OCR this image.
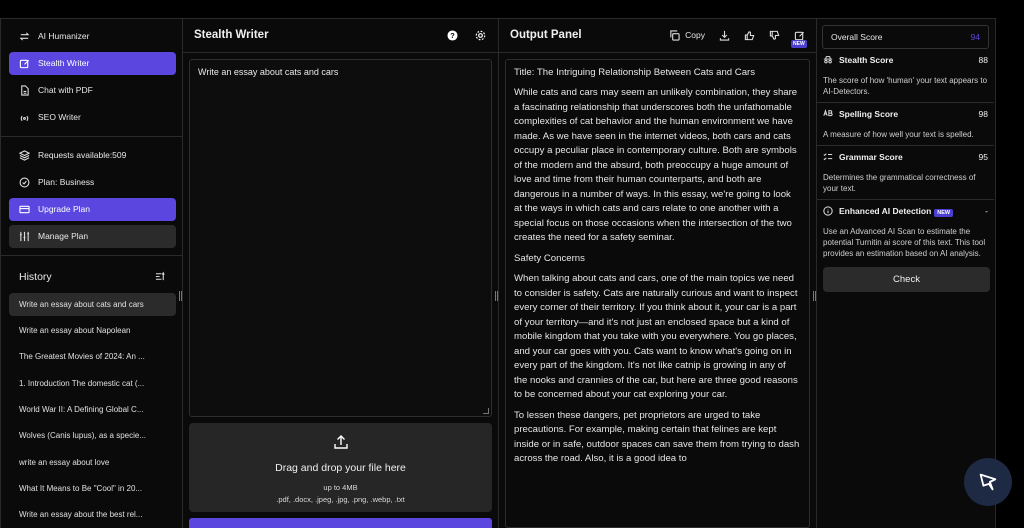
AI Humanizer
Stealth Writer
Chat with PDF
SEO Writer
Requests available:509
Plan: Business
Upgrade Plan
Manage Plan
History
Write an essay about cats and cars
Write an essay about Napolean
The Greatest Movies of 2024: An ...
1. Introduction The domestic cat (...
World War II: A Defining Global C...
Wolves (Canis lupus), as a specie...
write an essay about love
What It Means to Be "Cool" in 20...
Write an essay about the best rel...
Stealth Writer	?
Write an essay about cats and cars
Drag and drop your file here
up to 4MB
.pdf, .docx, .jpeg, .jpg, .png, .webp, .txt
Output Panel	Copy
NEW

Title: The Intriguing Relationship Between Cats and Cars

While cats and cars may seem an unlikely combination, they share a fascinating relationship that underscores both the unfathomable complexities of cat behavior and the human environment we have made. As we have seen in the internet videos, both cars and cats occupy a peculiar place in contemporary culture. Both are symbols of the modern and the absurd, both preoccupy a huge amount of love and time from their human counterparts, and both are dangerous in a number of ways. In this essay, we're going to look at the ways in which cats and cars relate to one another with a special focus on those occasions when the intersection of the two creates the need for a safety seminar.

Safety Concerns

When talking about cats and cars, one of the main topics we need to consider is safety. Cats are naturally curious and want to inspect every corner of their territory. If you think about it, your car is a part of your territory—and it's not just an enclosed space but a kind of mobile kingdom that you take with you everywhere. You go places, and your car goes with you. Cats want to know what's going on in every part of the kingdom. It's not like catnip is growing in any of the nooks and crannies of the car, but here are three good reasons to be concerned about your cat exploring your car.

To lessen these dangers, pet proprietors are urged to take precautions. For example, making certain that felines are kept inside or in safe, outdoor spaces can save them from trying to dash across the road. Also, it is a good idea to

Overall Score	94
Stealth Score	88
The score of how 'human' your text appears to AI-Detectors.
Spelling Score	98
A measure of how well your text is spelled.
Grammar Score	95
Determines the grammatical correctness of your text.
Enhanced AI Detection NEW	-
Use an Advanced AI Scan to estimate the potential Turnitin ai score of this text. This tool provides an estimation based on AI analysis.
Check
